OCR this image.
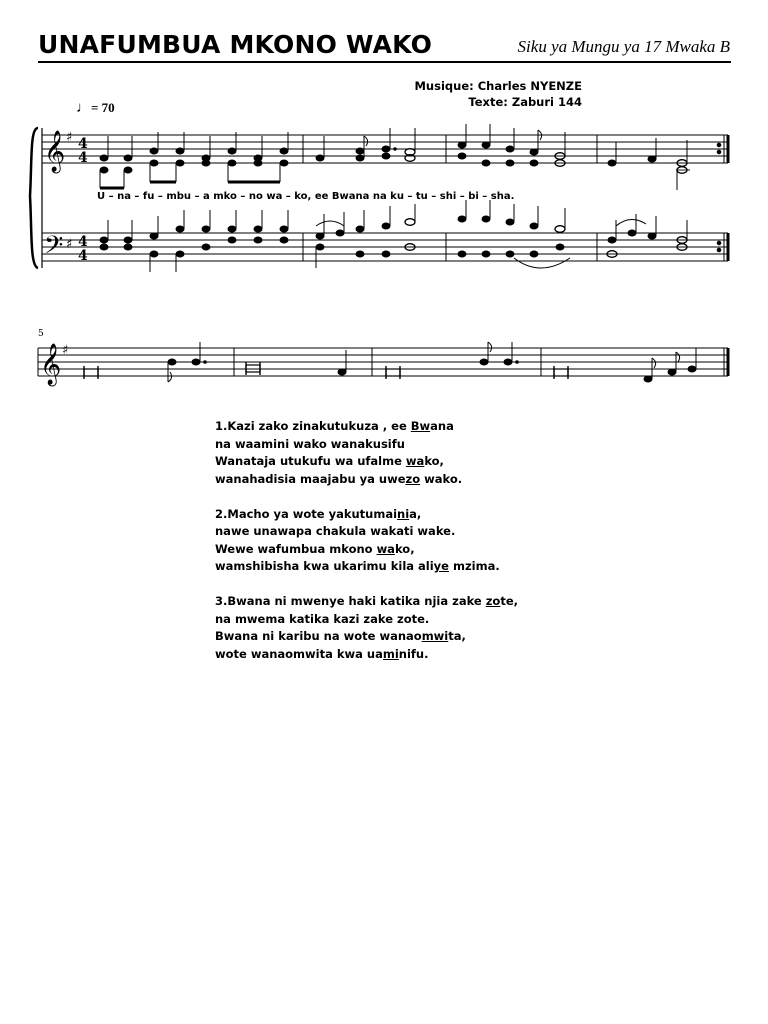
UNAFUMBUA MKONO WAKO	Siku ya Mungu ya 17 Mwaka B
Musique: Charles NYENZE
Texte: Zaburi 144
♩= 70
𝄞
𝄢
♯
♯
4
4
4
4
U – na – fu – mbu – a mko – no wa – ko, ee Bwana na ku – tu – shi – bi – sha.
5
𝄞 ♯
1.Kazi zako zinakutukuza , ee Bwana
na waamini wako wanakusifu
Wanataja utukufu wa ufalme wako,
wanahadisia maajabu ya uwezo wako.
2.Macho ya wote yakutumainia,
nawe unawapa chakula wakati wake.
Wewe wafumbua mkono wako,
wamshibisha kwa ukarimu kila aliye mzima.
3.Bwana ni mwenye haki katika njia zake zote,
na mwema katika kazi zake zote.
Bwana ni karibu na wote wanaomwita,
wote wanaomwita kwa uaminifu.
